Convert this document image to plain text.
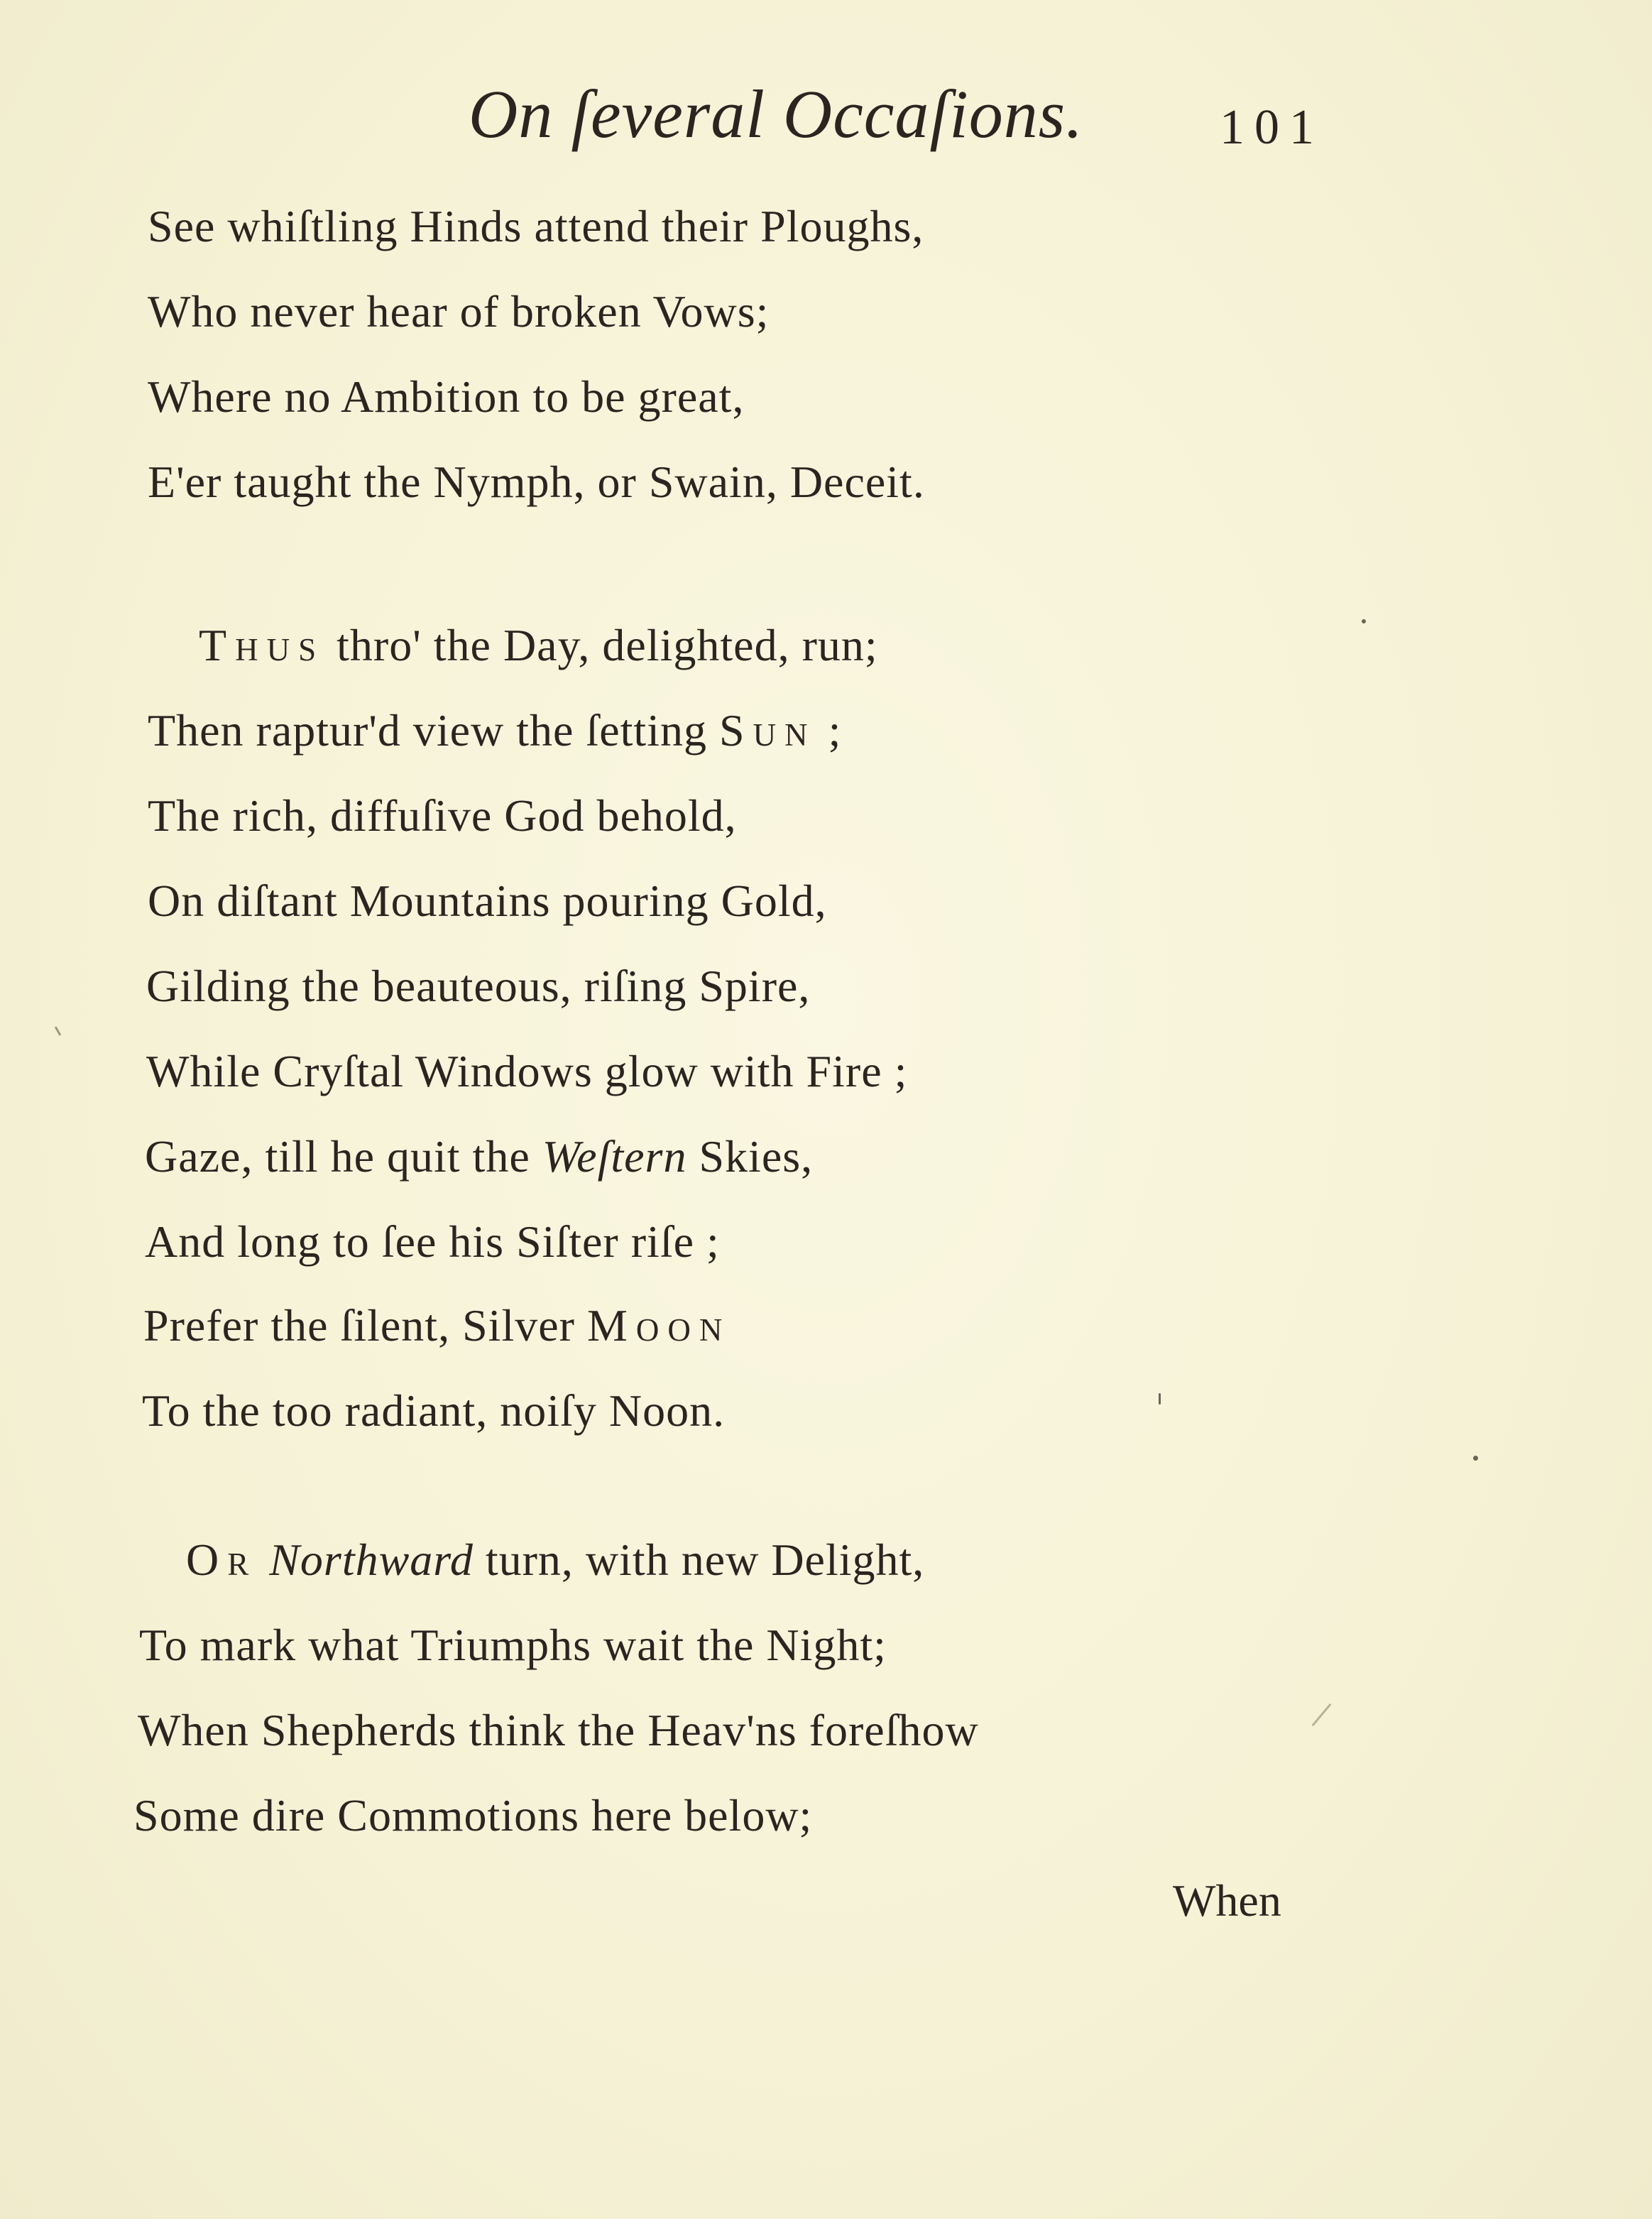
On ſeveral Occaſions.	101
See whiſtling Hinds attend their Ploughs,
Who never hear of broken Vows;
Where no Ambition to be great,
E'er taught the Nymph, or Swain, Deceit.
Thus thro' the Day, delighted, run;
Then raptur'd view the ſetting Sun ;
The rich, diffuſive God behold,
On diſtant Mountains pouring Gold,
Gilding the beauteous, riſing Spire,
While Cryſtal Windows glow with Fire ;
Gaze, till he quit the Weſtern Skies,
And long to ſee his Siſter riſe ;
Prefer the ſilent, Silver Moon
To the too radiant, noiſy Noon.
Or Northward turn, with new Delight,
To mark what Triumphs wait the Night;
When Shepherds think the Heav'ns foreſhow
Some dire Commotions here below;
When
